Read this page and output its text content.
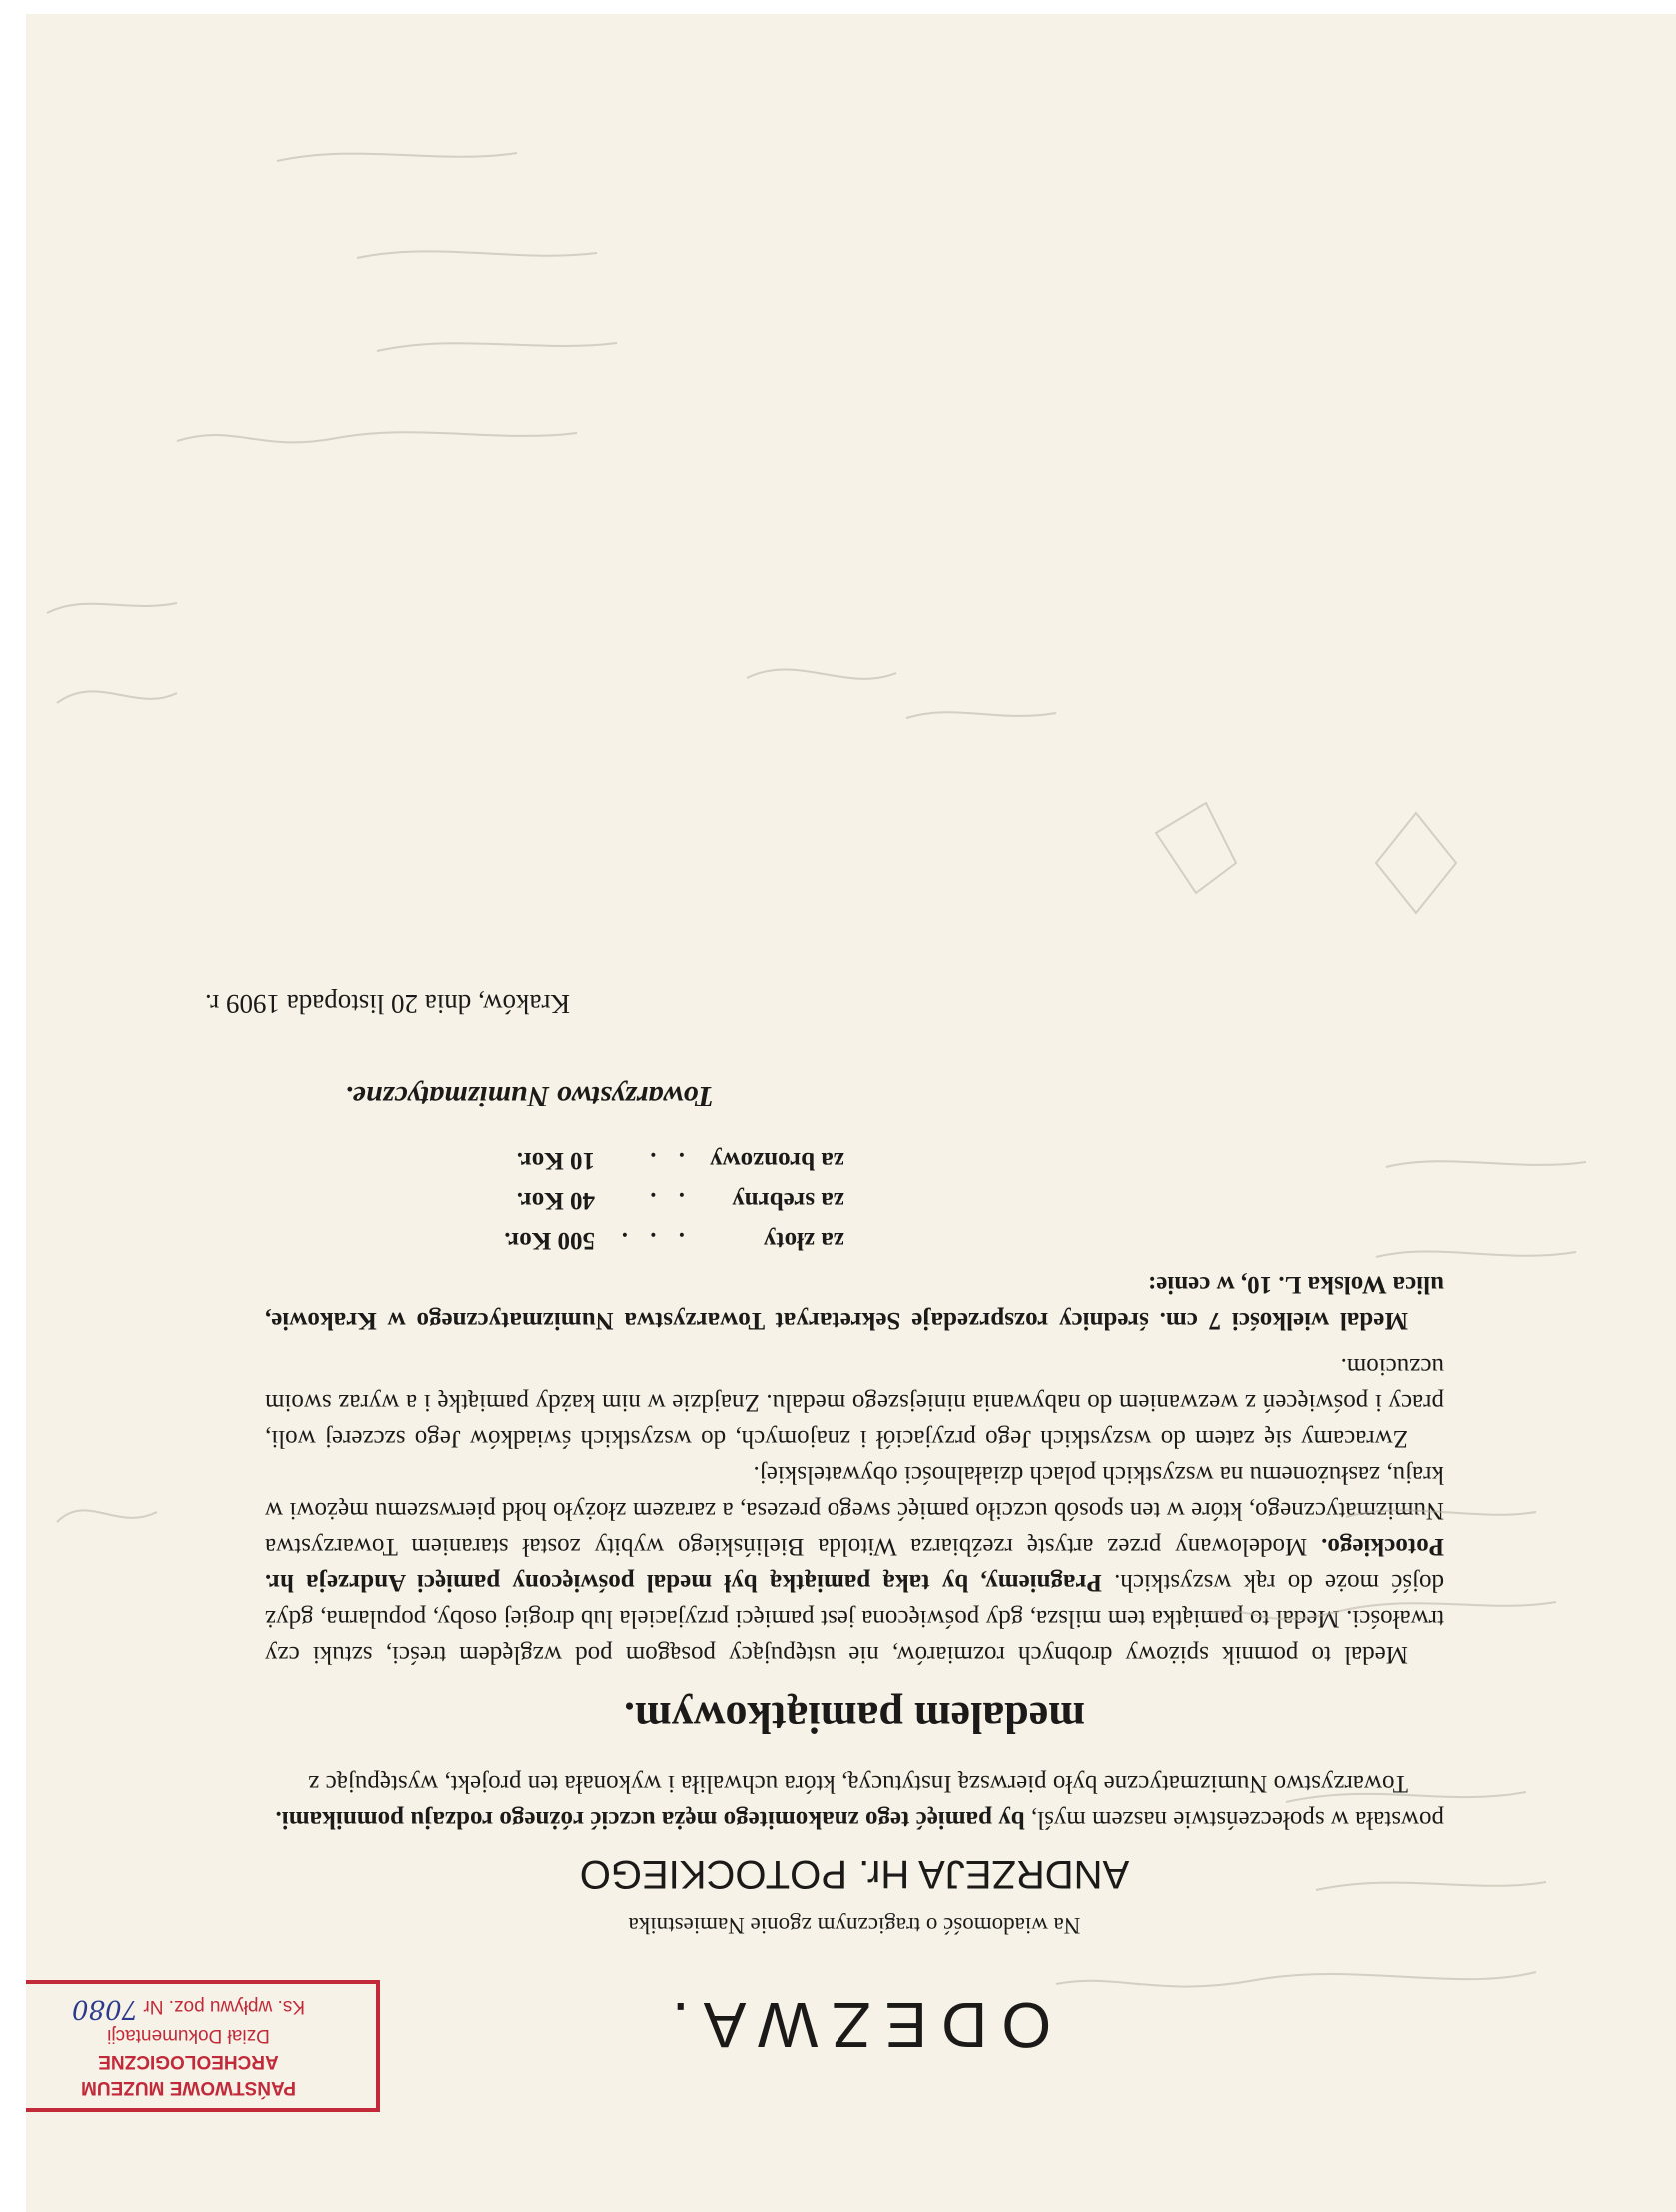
ODEZWA.
Na wiadomość o tragicznym zgonie Namiestnika
ANDRZEJA Hr. POTOCKIEGO

powstała w społeczeństwie naszem myśl, by pamięć tego znakomitego męża uczcić różnego rodzaju pomnikami.

Towarzystwo Numizmatyczne było pierwszą Instytucyą, która uchwaliła i wykonała ten projekt, występując z

medalem pamiątkowym.

Medal to pomnik spiżowy drobnych rozmiarów, nie ustępujący posągom pod względem treści, sztuki czy trwałości. Medal to pamiątka tem milsza, gdy poświęcona jest pamięci przyjaciela lub drogiej osoby, popularna, gdyż dojść może do rąk wszystkich. Pragniemy, by taką pamiątką był medal poświęcony pamięci Andrzeja hr. Potockiego. Modelowany przez artystę rzeźbiarza Witolda Bielińskiego wybity został staraniem Towarzystwa Numizmatycznego, które w ten sposób uczciło pamięć swego prezesa, a zarazem złożyło hołd pierwszemu mężowi w kraju, zasłużonemu na wszystkich polach działalności obywatelskiej.

Zwracamy się zatem do wszystkich Jego przyjaciół i znajomych, do wszystkich świadków Jego szczerej woli, pracy i poświęceń z wezwaniem do nabywania niniejszego medalu. Znajdzie w nim każdy pamiątkę i a wyraz swoim uczuciom.

Medal wielkości 7 cm. średnicy rozsprzedaje Sekretaryat Towarzystwa Numizmatycznego w Krakowie, ulica Wolska L. 10, w cenie:

za złoty
. . .
500 Kor.
za srebrny
. .
40 Kor.
za bronzowy
. .
10 Kor.
Towarzystwo Numizmatyczne.
Kraków, dnia 20 listopada 1909 r.
PAŃSTWOWE MUZEUM ARCHEOLOGICZNE
Dział Dokumentacji
Ks. wpływu poz. Nr 7080
